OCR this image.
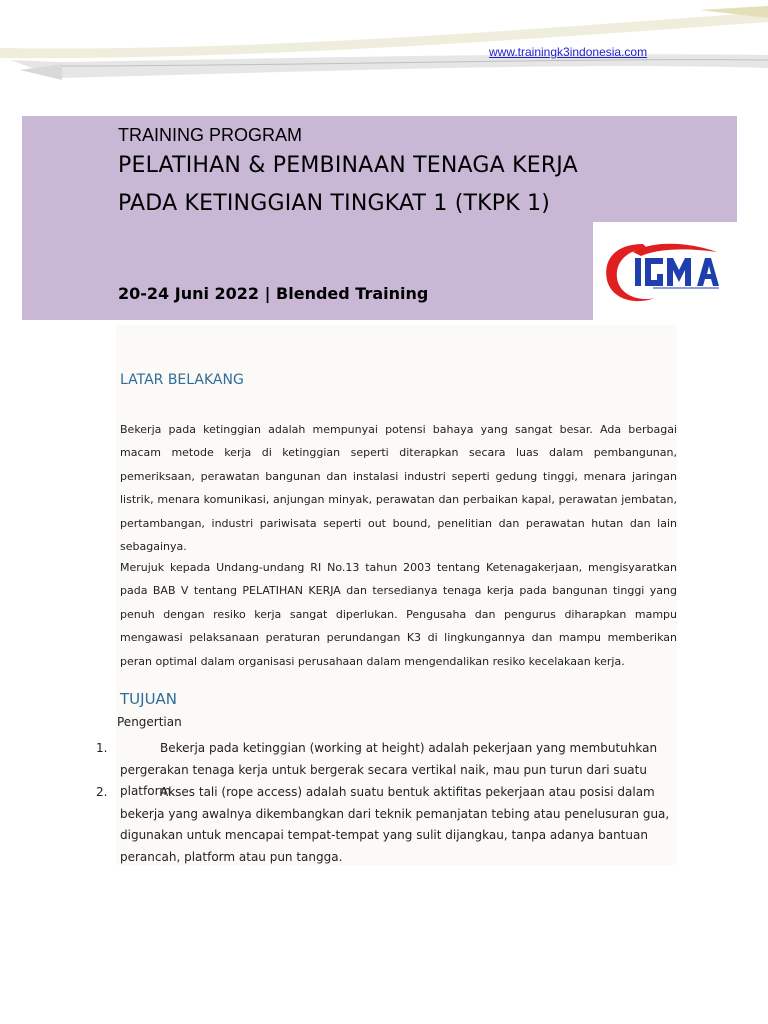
www.trainingk3indonesia.com
TRAINING PROGRAM
PELATIHAN & PEMBINAAN TENAGA KERJA PADA KETINGGIAN TINGKAT 1 (TKPK 1)
20-24 Juni 2022 | Blended Training
LATAR BELAKANG
Bekerja pada ketinggian adalah mempunyai potensi bahaya yang sangat besar. Ada berbagai macam metode kerja di ketinggian seperti diterapkan secara luas dalam pembangunan, pemeriksaan, perawatan bangunan dan instalasi industri seperti gedung tinggi, menara jaringan listrik, menara komunikasi, anjungan minyak, perawatan dan perbaikan kapal, perawatan jembatan, pertambangan, industri pariwisata seperti out bound, penelitian dan perawatan hutan dan lain sebagainya.
Merujuk kepada Undang-undang RI No.13 tahun 2003 tentang Ketenagakerjaan, mengisyaratkan pada BAB V tentang PELATIHAN KERJA dan tersedianya tenaga kerja pada bangunan tinggi yang penuh dengan resiko kerja sangat diperlukan. Pengusaha dan pengurus diharapkan mampu mengawasi pelaksanaan peraturan perundangan K3 di lingkungannya dan mampu memberikan peran optimal dalam organisasi perusahaan dalam mengendalikan resiko kecelakaan kerja.
TUJUAN
Pengertian
1.	Bekerja pada ketinggian (working at height) adalah pekerjaan yang membutuhkan pergerakan tenaga kerja untuk bergerak secara vertikal naik, mau pun turun dari suatu platform.
2.	Akses tali (rope access) adalah suatu bentuk aktifitas pekerjaan atau posisi dalam bekerja yang awalnya dikembangkan dari teknik pemanjatan tebing atau penelusuran gua, digunakan untuk mencapai tempat-tempat yang sulit dijangkau, tanpa adanya bantuan perancah, platform atau pun tangga.
